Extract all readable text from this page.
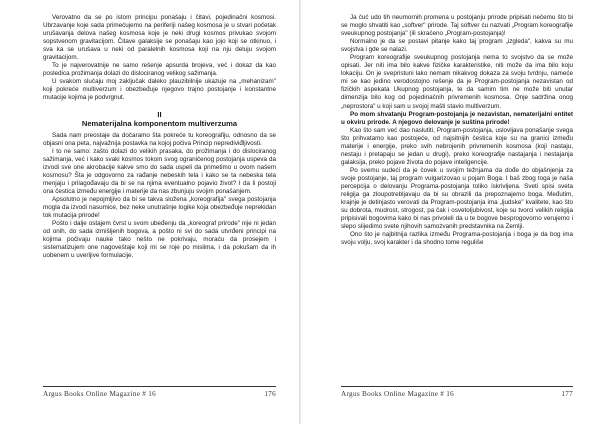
Verovatno da se po istom principu ponašaju i čitavi, pojedinačni kosmosi. Ubrzavanje koje sada primećujemo na periferiji našeg kosmosa je u stvari početak urušavanja delova našeg kosmosa koje je neki drugi kosmos privukao svojom sopstvenom gravitacijom. Čitave galaksije se ponašaju kao jojo koji se otkinuo, i sva ka se urušava u neki od paralelnih kosmosa koji na nju deluju svojom gravitacijom.

To je najverovatnije ne samo rešenje apsurda brojeva, već i dokaz da kao posledica prožimanja dolazi do dislociranog velikog sažimanja.

U svakom slučaju moj zaključak daleko plauzibilnije ukazuje na „mehanizam" koji pokreće multiverzum i obezbeđuje njegovo trajno postojanje i konstantne mutacije kojima je podvrgnut.

II
Nematerijalna komponentom multiverzuma

Sada nam preostaje da dočaramo šta pokreće tu koreografiju, odnosno da se objasni ona peta, najvažnija postavka na kojoj počiva Princip neprediviđljivosti.

I to ne samo: zašto dolazi do velikih prasaka, do prožimanja i do dislociranog sažimanja, već i kako svaki kosmos tokom svog ograničenog postojanja uspeva da izvodi sve one akrobacije kakve smo do sada uspeli da primetimo u ovom našem kosmosu? Šta je odgovorno za rađanje nebeskih tela i kako se ta nebeska tela menjaju i prilagođavaju da bi se na njima eventualno pojavio život? I da li postoji ona čestica između energije i materije da nas zbunjuju svojim ponašanjem.

Apsolutno je nepojmljivo da bi se takva složena „koreografija" svega postojanja mogla da izvodi nasumice, bez neke unutrašnje logike koja obezbeđuje neprekidan tok mutacija prirode!

Pošto i dalje ostajem čvrst u svom ubeđenju da „koreograf prirode" nije ni jedan od onih, do sada izmišljenih bogova, a pošto ni svi do sada utvrđeni principi na kojima počivaju nauke tako nešto ne pokrivaju, moraću da prosejem i sistematizujem one nagoveštaje koji mi se roje po mislima, i da pokušam da ih uobenem u uverljive formulacije.

Argus Books Online Magazine # 16	176

Ja čuć udo tih neumornih promena u postojanju prirode pripisati nečemu što bi se moglo shvatiti kao „softver" prirode. Taj softver ću nazvati „Program koreografije sveukupnog postojanja" (ili skraćeno „Program-postojanja)!

Normalno je da se postavi pitanje kako taj program „izgleda", kakva su mu svojstva i gde se nalazi.

Program koreografije sveukupnog postojanja nema to svojstvo da se može opisati. Jer niti ima bilo kakve fizičke karakteristike, niti može da ima bilo koju lokaciju. On je svepristuni lako nemam nikakvog dokaza za svoju tvrdnju, nameće mi se kao jedino verodostojno rešenje da je Program-postojanja nezavistan od fizičkih aspekata Ukupnog postojanja, te da samim tim ne može biti unutar dimenzija bilo kog od pojedinačnih privremenih kosmosa. Onje sadržina onog „neprostora" u koji sam u svojoj mašti stavio multiverzum.

Po mom shvatanju Program-postojanja je nezavistan, nematerijalni entitet u okviru prirode. A njegovo delovanje je suština prirode!

Kao što sam već dao naslutiti, Program-postojanja, uslovljava ponašanje svega što prihvatamo kao postojeće, od najsitnijih čestica koje su na granici između materije i energije, preko svih nebrojenih privremenih kosmosa (koji nastaju, nestaju i pretapaju se jedan u drugi), preko koreografije nastajanja i nestajanja galaksija, preko pojave života do pojave inteligencije.

Po svemu sudeći da je čovek u svojim težnjama da dođe do objašnjenja za svoje postojanje, taj program vulgarizovao u pojam Boga. I baš zbog toga je naša percepcija o delovanju Programa-postojanja toliko iskrivljena. Sveti spisi sveta religija ga zloupotrebljavaju da bi su obrazili da prepoznajemo boga. Međutim, krajnje je detinjasto verovati da Program-postojanja ima „ljudske" kvalitete, kao što su dobrota, mudrost, strogost, pa čak i osvetoljubivost, koje su tvorci velikih religija pripisivali bogovima kako bi nas privoleli da u te bogove besprogovorno verujemo i slepo slijedimo svete njihovih samozvanih predstavnika na Zemlji.

Ono što je najbitnija razlika između Programa-postojanja i boga je da bog ima svoju volju, svoj karakter i da shodno tome reguliše

Argus Books Online Magazine # 16	177
